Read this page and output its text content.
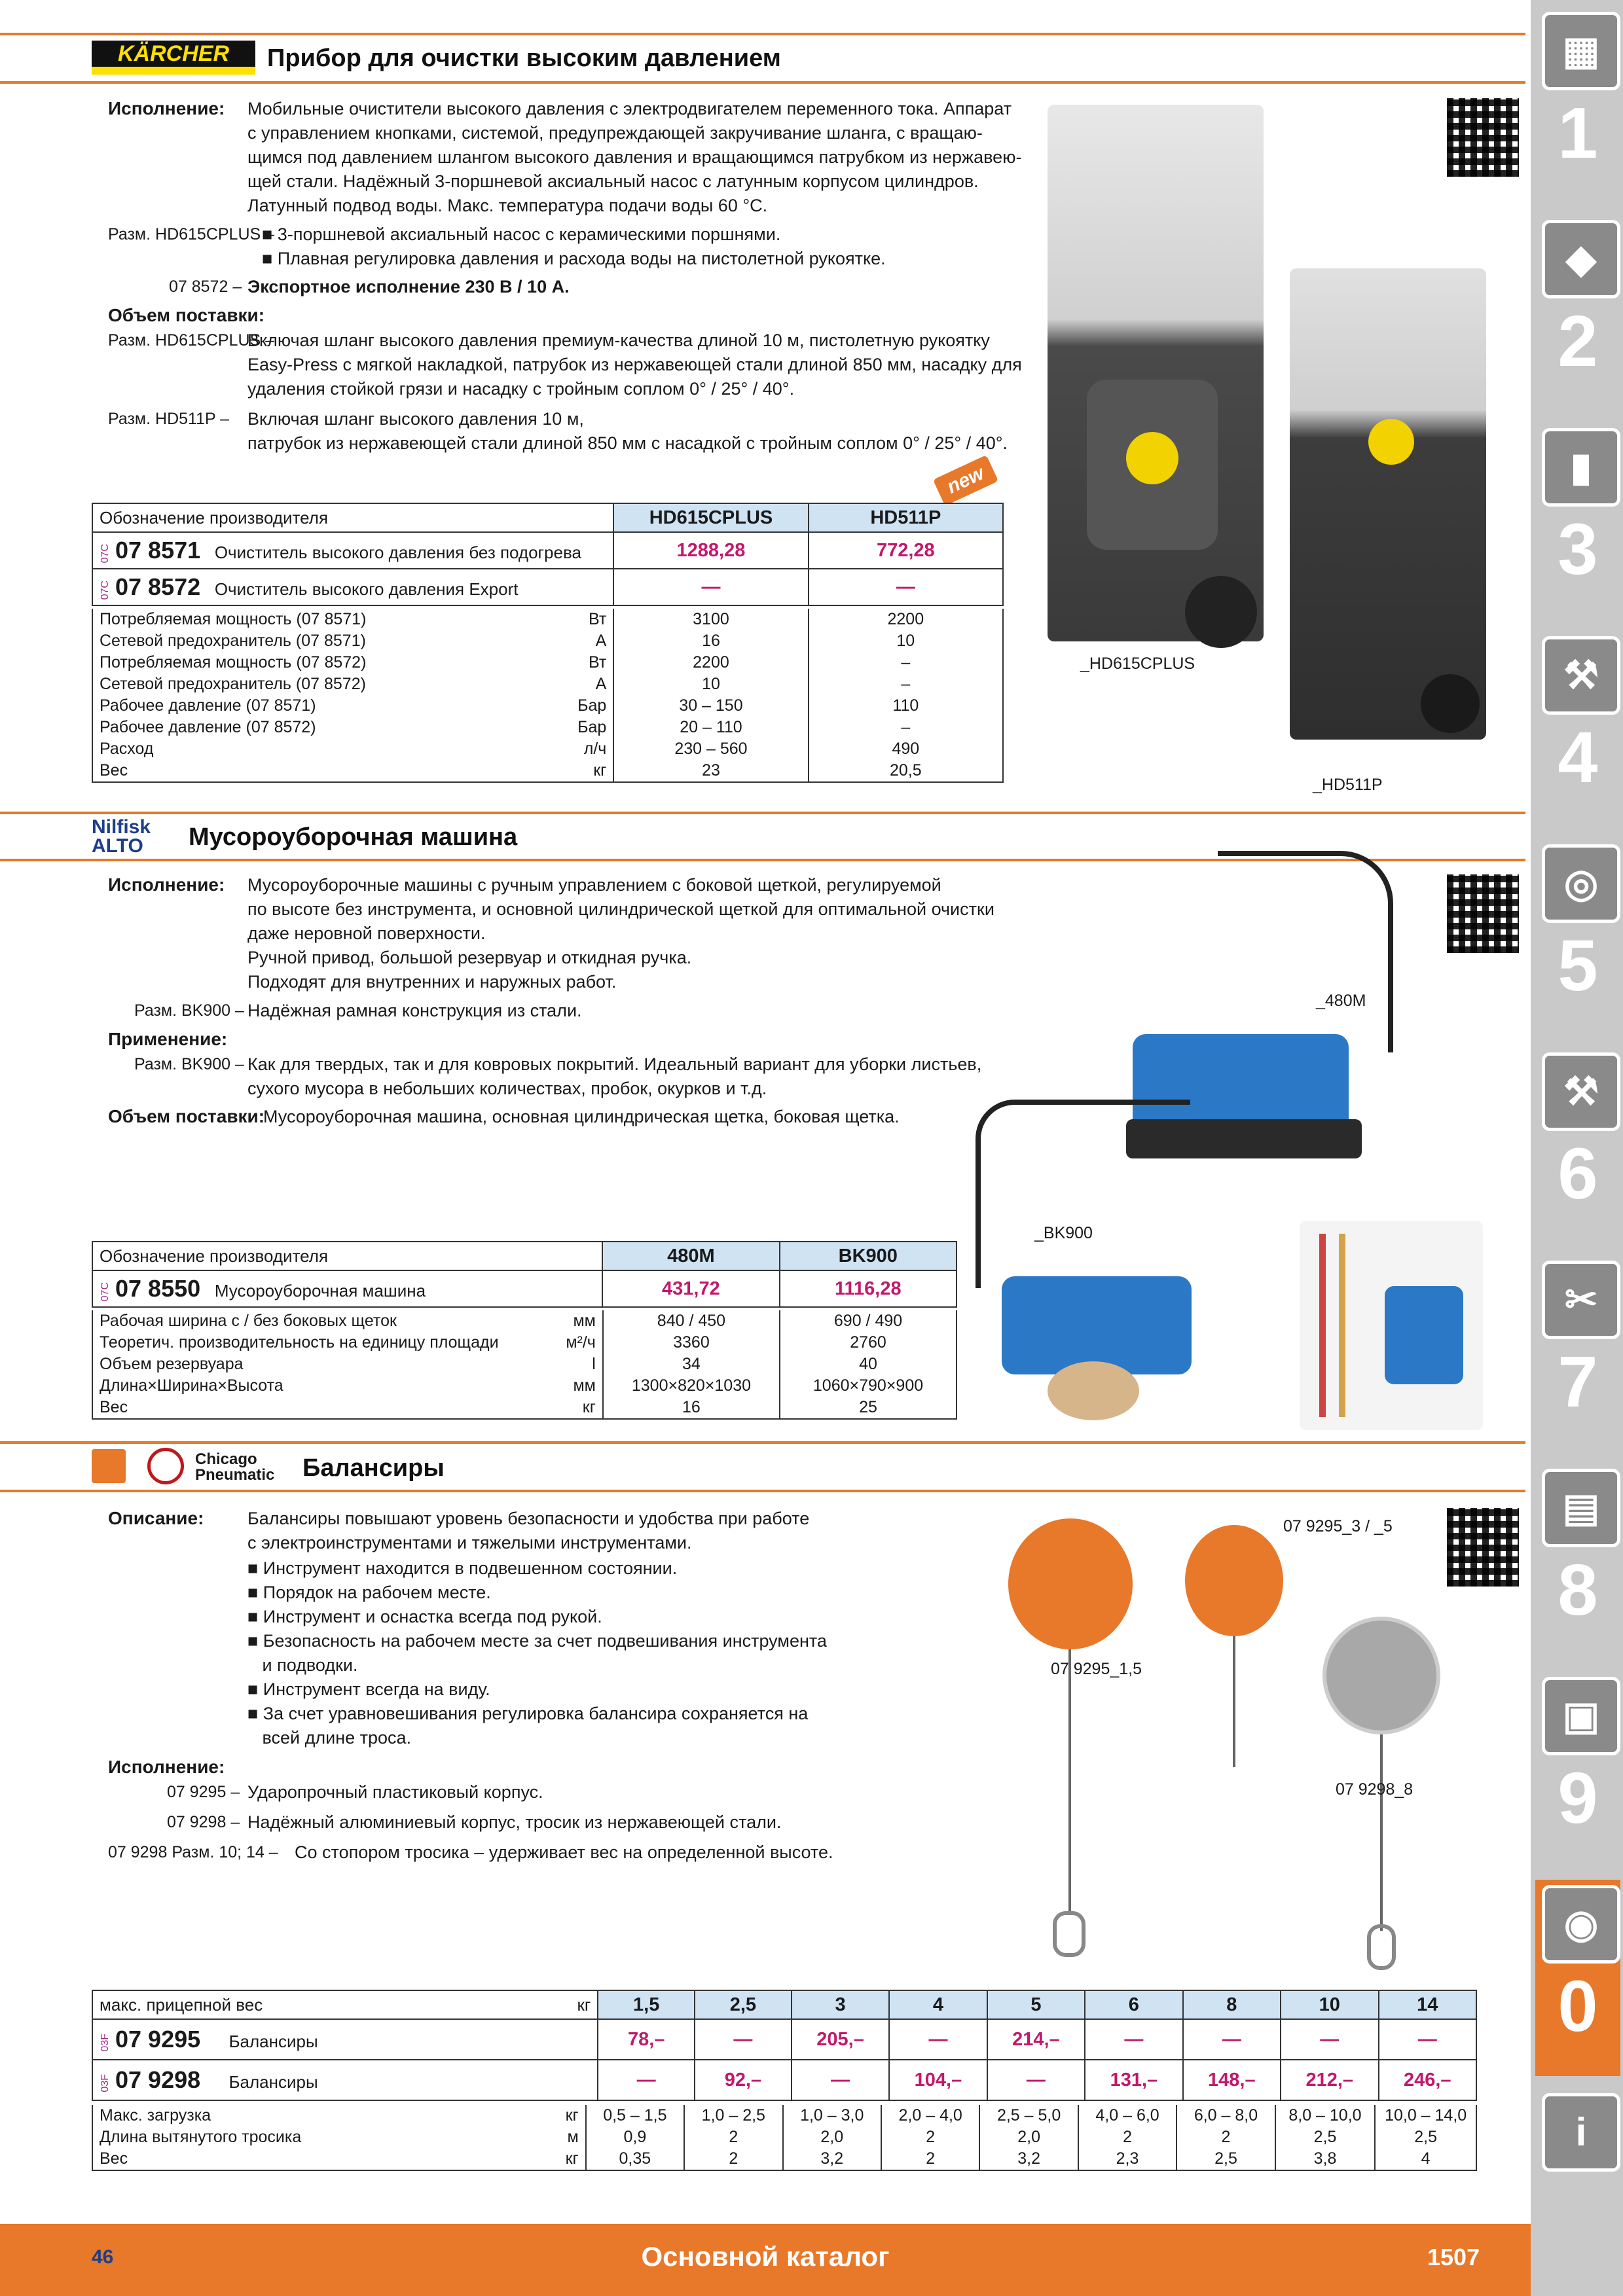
KÄRCHER	Прибор для очистки высоким давлением
Исполнение: Мобильные очистители высокого давления с электродвигателем переменного тока. Аппарат
с управлением кнопками, системой, предупреждающей закручивание шланга, с вращаю-
щимся под давлением шлангом высокого давления и вращающимся патрубком из нержавею-
щей стали. Надёжный 3-поршневой аксиальный насос с латунным корпусом цилиндров.
Латунный подвод воды. Макс. температура подачи воды 60 °C.
Разм. HD615CPLUS –
■ 3-поршневой аксиальный насос с керамическими поршнями.
■ Плавная регулировка давления и расхода воды на пистолетной рукоятке.
07 8572 – Экспортное исполнение 230 В / 10 А.
Объем поставки:
Разм. HD615CPLUS –
Включая шланг высокого давления премиум-качества длиной 10 м, пистолетную рукоятку
Easy-Press с мягкой накладкой, патрубок из нержавеющей стали длиной 850 мм, насадку для
удаления стойкой грязи и насадку с тройным соплом 0° / 25° / 40°.
Разм. HD511P – Включая шланг высокого давления 10 м,
патрубок из нержавеющей стали длиной 850 мм с насадкой с тройным соплом 0° / 25° / 40°.
new
Обозначение производителя	HD615CPLUS	HD511P
07C 07 8571 Очиститель высокого давления без подогрева	1288,28	772,28
07C 07 8572 Очиститель высокого давления Export	—	—
Потребляемая мощность (07 8571)	Вт	3100	2200
Сетевой предохранитель (07 8571)	А	16	10
Потребляемая мощность (07 8572)	Вт	2200	–
Сетевой предохранитель (07 8572)	А	10	–
Рабочее давление (07 8571)	Бар	30 – 150	110
Рабочее давление (07 8572)	Бар	20 – 110	–
Расход	л/ч	230 – 560	490
Вес	кг	23	20,5
_HD615CPLUS
_HD511P
Nilfisk
ALTO	Мусороуборочная машина
Исполнение: Мусороуборочные машины с ручным управлением с боковой щеткой, регулируемой
по высоте без инструмента, и основной цилиндрической щеткой для оптимальной очистки
даже неровной поверхности.
Ручной привод, большой резервуар и откидная ручка.
Подходят для внутренних и наружных работ.
Разм. BK900 – Надёжная рамная конструкция из стали.
Применение:
Разм. BK900 – Как для твердых, так и для ковровых покрытий. Идеальный вариант для уборки листьев,
сухого мусора в небольших количествах, пробок, окурков и т.д.
Объем поставки:
Мусороуборочная машина, основная цилиндрическая щетка, боковая щетка.
Обозначение производителя	480M	BK900
07C 07 8550 Мусороуборочная машина	431,72	1116,28
Рабочая ширина с / без боковых щеток	мм	840 / 450	690 / 490
Теоретич. производительность на единицу площади	м²/ч	3360	2760
Объем резервуара	l	34	40
Длина×Ширина×Высота	мм	1300×820×1030	1060×790×900
Вес	кг	16	25
_480M
_BK900
Chicago
Pneumatic Балансиры
Описание: Балансиры повышают уровень безопасности и удобства при работе
с электроинструментами и тяжелыми инструментами.
■ Инструмент находится в подвешенном состоянии.
■ Порядок на рабочем месте.
■ Инструмент и оснастка всегда под рукой.
■ Безопасность на рабочем месте за счет подвешивания инструмента
и подводки.
■ Инструмент всегда на виду.
■ За счет уравновешивания регулировка балансира сохраняется на
всей длине троса.
Исполнение:
07 9295 – Ударопрочный пластиковый корпус.
07 9298 – Надёжный алюминиевый корпус, тросик из нержавеющей стали.
07 9298 Разм. 10; 14 – Со стопором тросика – удерживает вес на определенной высоте.
07 9295_1,5
07 9295_3 / _5
07 9298_8
макс. прицепной вес	кг	1,5	2,5	3	4	5	6	8	10	14
03F 07 9295      Балансиры		78,–	—	205,–	—	214,–	—	—	—	—
03F 07 9298      Балансиры		—	92,–	—	104,–	—	131,–	148,–	212,–	246,–
Макс. загрузка	кг	0,5 – 1,5	1,0 – 2,5	1,0 – 3,0	2,0 – 4,0	2,5 – 5,0	4,0 – 6,0	6,0 – 8,0	8,0 – 10,0	10,0 – 14,0
Длина вытянутого тросика	м	0,9	2	2,0	2	2,0	2	2	2,5	2,5
Вес	кг	0,35	2	3,2	2	3,2	2,3	2,5	3,8	4
46	Основной каталог	1507
▦
1
◆
2
▮
3
⚒
4
◎
5
⚒
6
✂
7
▤
8
▣
9
◉
0
i
